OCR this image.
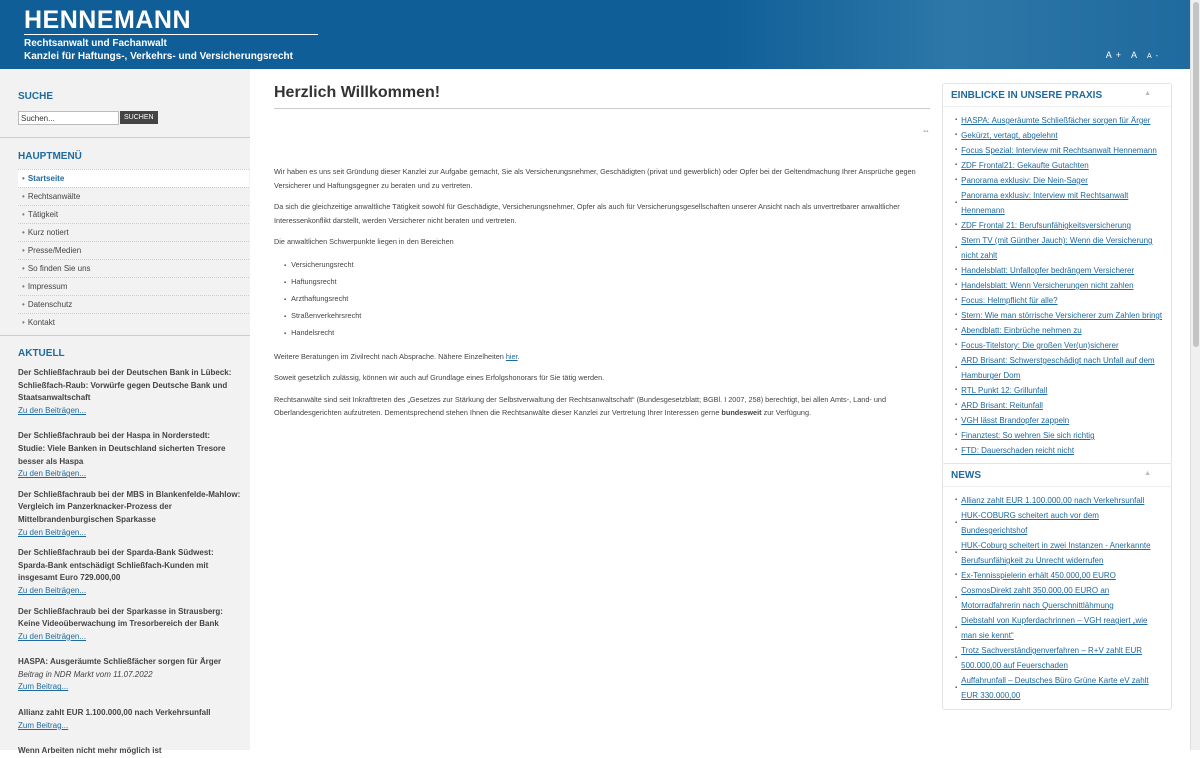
HENNEMANN
Rechtsanwalt und Fachanwalt
Kanzlei für Haftungs-, Verkehrs- und Versicherungsrecht	A+ A A-
SUCHE
Suchen...
SUCHEN
HAUPTMENÜ
• Startseite
• Rechtsanwälte
• Tätigkeit
• Kurz notiert
• Presse/Medien
• So finden Sie uns
• Impressum
• Datenschutz
• Kontakt
AKTUELL
Der Schließfachraub bei der Deutschen Bank in Lübeck:
Schließfach-Raub: Vorwürfe gegen Deutsche Bank und Staatsanwaltschaft
Zu den Beiträgen...
Der Schließfachraub bei der Haspa in Norderstedt:
Studie: Viele Banken in Deutschland sicherten Tresore besser als Haspa
Zu den Beiträgen...
Der Schließfachraub bei der MBS in Blankenfelde-Mahlow:
Vergleich im Panzerknacker-Prozess der Mittelbrandenburgischen Sparkasse
Zu den Beiträgen...
Der Schließfachraub bei der Sparda-Bank Südwest:
Sparda-Bank entschädigt Schließfach-Kunden mit insgesamt Euro 729.000,00
Zu den Beiträgen...
Der Schließfachraub bei der Sparkasse in Strausberg:
Keine Videoüberwachung im Tresorbereich der Bank
Zu den Beiträgen...
HASPA: Ausgeräumte Schließfächer sorgen für Ärger
Beitrag in NDR Markt vom 11.07.2022
Zum Beitrag...
Allianz zahlt EUR 1.100.000,00 nach Verkehrsunfall
Zum Beitrag...
Wenn Arbeiten nicht mehr möglich ist
Herzlich Willkommen!
⇔

Wir haben es uns seit Gründung dieser Kanzlei zur Aufgabe gemacht, Sie als Versicherungsnehmer, Geschädigten (privat und gewerblich) oder Opfer bei der Geltendmachung Ihrer Ansprüche gegen Versicherer und Haftungsgegner zu beraten und zu vertreten.

Da sich die gleichzeitige anwaltliche Tätigkeit sowohl für Geschädigte, Versicherungsnehmer, Opfer als auch für Versicherungsgesellschaften unserer Ansicht nach als unvertretbarer anwaltlicher Interessenkonflikt darstellt, werden Versicherer nicht beraten und vertreten.

Die anwaltlichen Schwerpunkte liegen in den Bereichen

▪ Versicherungsrecht
▪ Haftungsrecht
▪ Arzthaftungsrecht
▪ Straßenverkehrsrecht
▪ Handelsrecht

Weitere Beratungen im Zivilrecht nach Absprache. Nähere Einzelheiten hier.

Soweit gesetzlich zulässig, können wir auch auf Grundlage eines Erfolgshonorars für Sie tätig werden.

Rechtsanwälte sind seit Inkrafttreten des „Gesetzes zur Stärkung der Selbstverwaltung der Rechtsanwaltschaft“ (Bundesgesetzblatt; BGBl. I 2007, 258) berechtigt, bei allen Amts-, Land- und Oberlandesgerichten aufzutreten. Dementsprechend stehen Ihnen die Rechtsanwälte dieser Kanzlei zur Vertretung Ihrer Interessen gerne bundesweit zur Verfügung.

EINBLICKE IN UNSERE PRAXIS	▲
▪ HASPA: Ausgeräumte Schließfächer sorgen für Ärger
▪ Gekürzt, vertagt, abgelehnt
▪ Focus Spezial: Interview mit Rechtsanwalt Hennemann
▪ ZDF Frontal21: Gekaufte Gutachten
▪ Panorama exklusiv: Die Nein-Sager
▪ Panorama exklusiv: Interview mit Rechtsanwalt Hennemann
▪ ZDF Frontal 21: Berufsunfähigkeitsversicherung
▪ Stern TV (mit Günther Jauch): Wenn die Versicherung nicht zahlt
▪ Handelsblatt: Unfallopfer bedrängem Versicherer
▪ Handelsblatt: Wenn Versicherungen nicht zahlen
▪ Focus: Helmpflicht für alle?
▪ Stern: Wie man störrische Versicherer zum Zahlen bringt
▪ Abendblatt: Einbrüche nehmen zu
▪ Focus-Titelstory: Die großen Ver(un)sicherer
▪ ARD Brisant: Schwerstgeschädigt nach Unfall auf dem Hamburger Dom
▪ RTL Punkt 12: Grillunfall
▪ ARD Brisant: Reitunfall
▪ VGH lässt Brandopfer zappeln
▪ Finanztest: So wehren Sie sich richtig
▪ FTD: Dauerschaden reicht nicht
NEWS	▲
▪ Allianz zahlt EUR 1.100.000,00 nach Verkehrsunfall
▪ HUK-COBURG scheitert auch vor dem Bundesgerichtshof
▪ HUK-Coburg scheitert in zwei Instanzen - Anerkannte Berufsunfähigkeit zu Unrecht widerrufen
▪ Ex-Tennisspielerin erhält 450.000,00 EURO
▪ CosmosDirekt zahlt 350.000,00 EURO an Motorradfahrerin nach Querschnittlähmung
▪ Diebstahl von Kupferdachrinnen – VGH reagiert „wie man sie kennt“
▪ Trotz Sachverständigenverfahren – R+V zahlt EUR 500.000,00 auf Feuerschaden
▪ Auffahrunfall – Deutsches Büro Grüne Karte eV zahlt EUR 330.000,00
